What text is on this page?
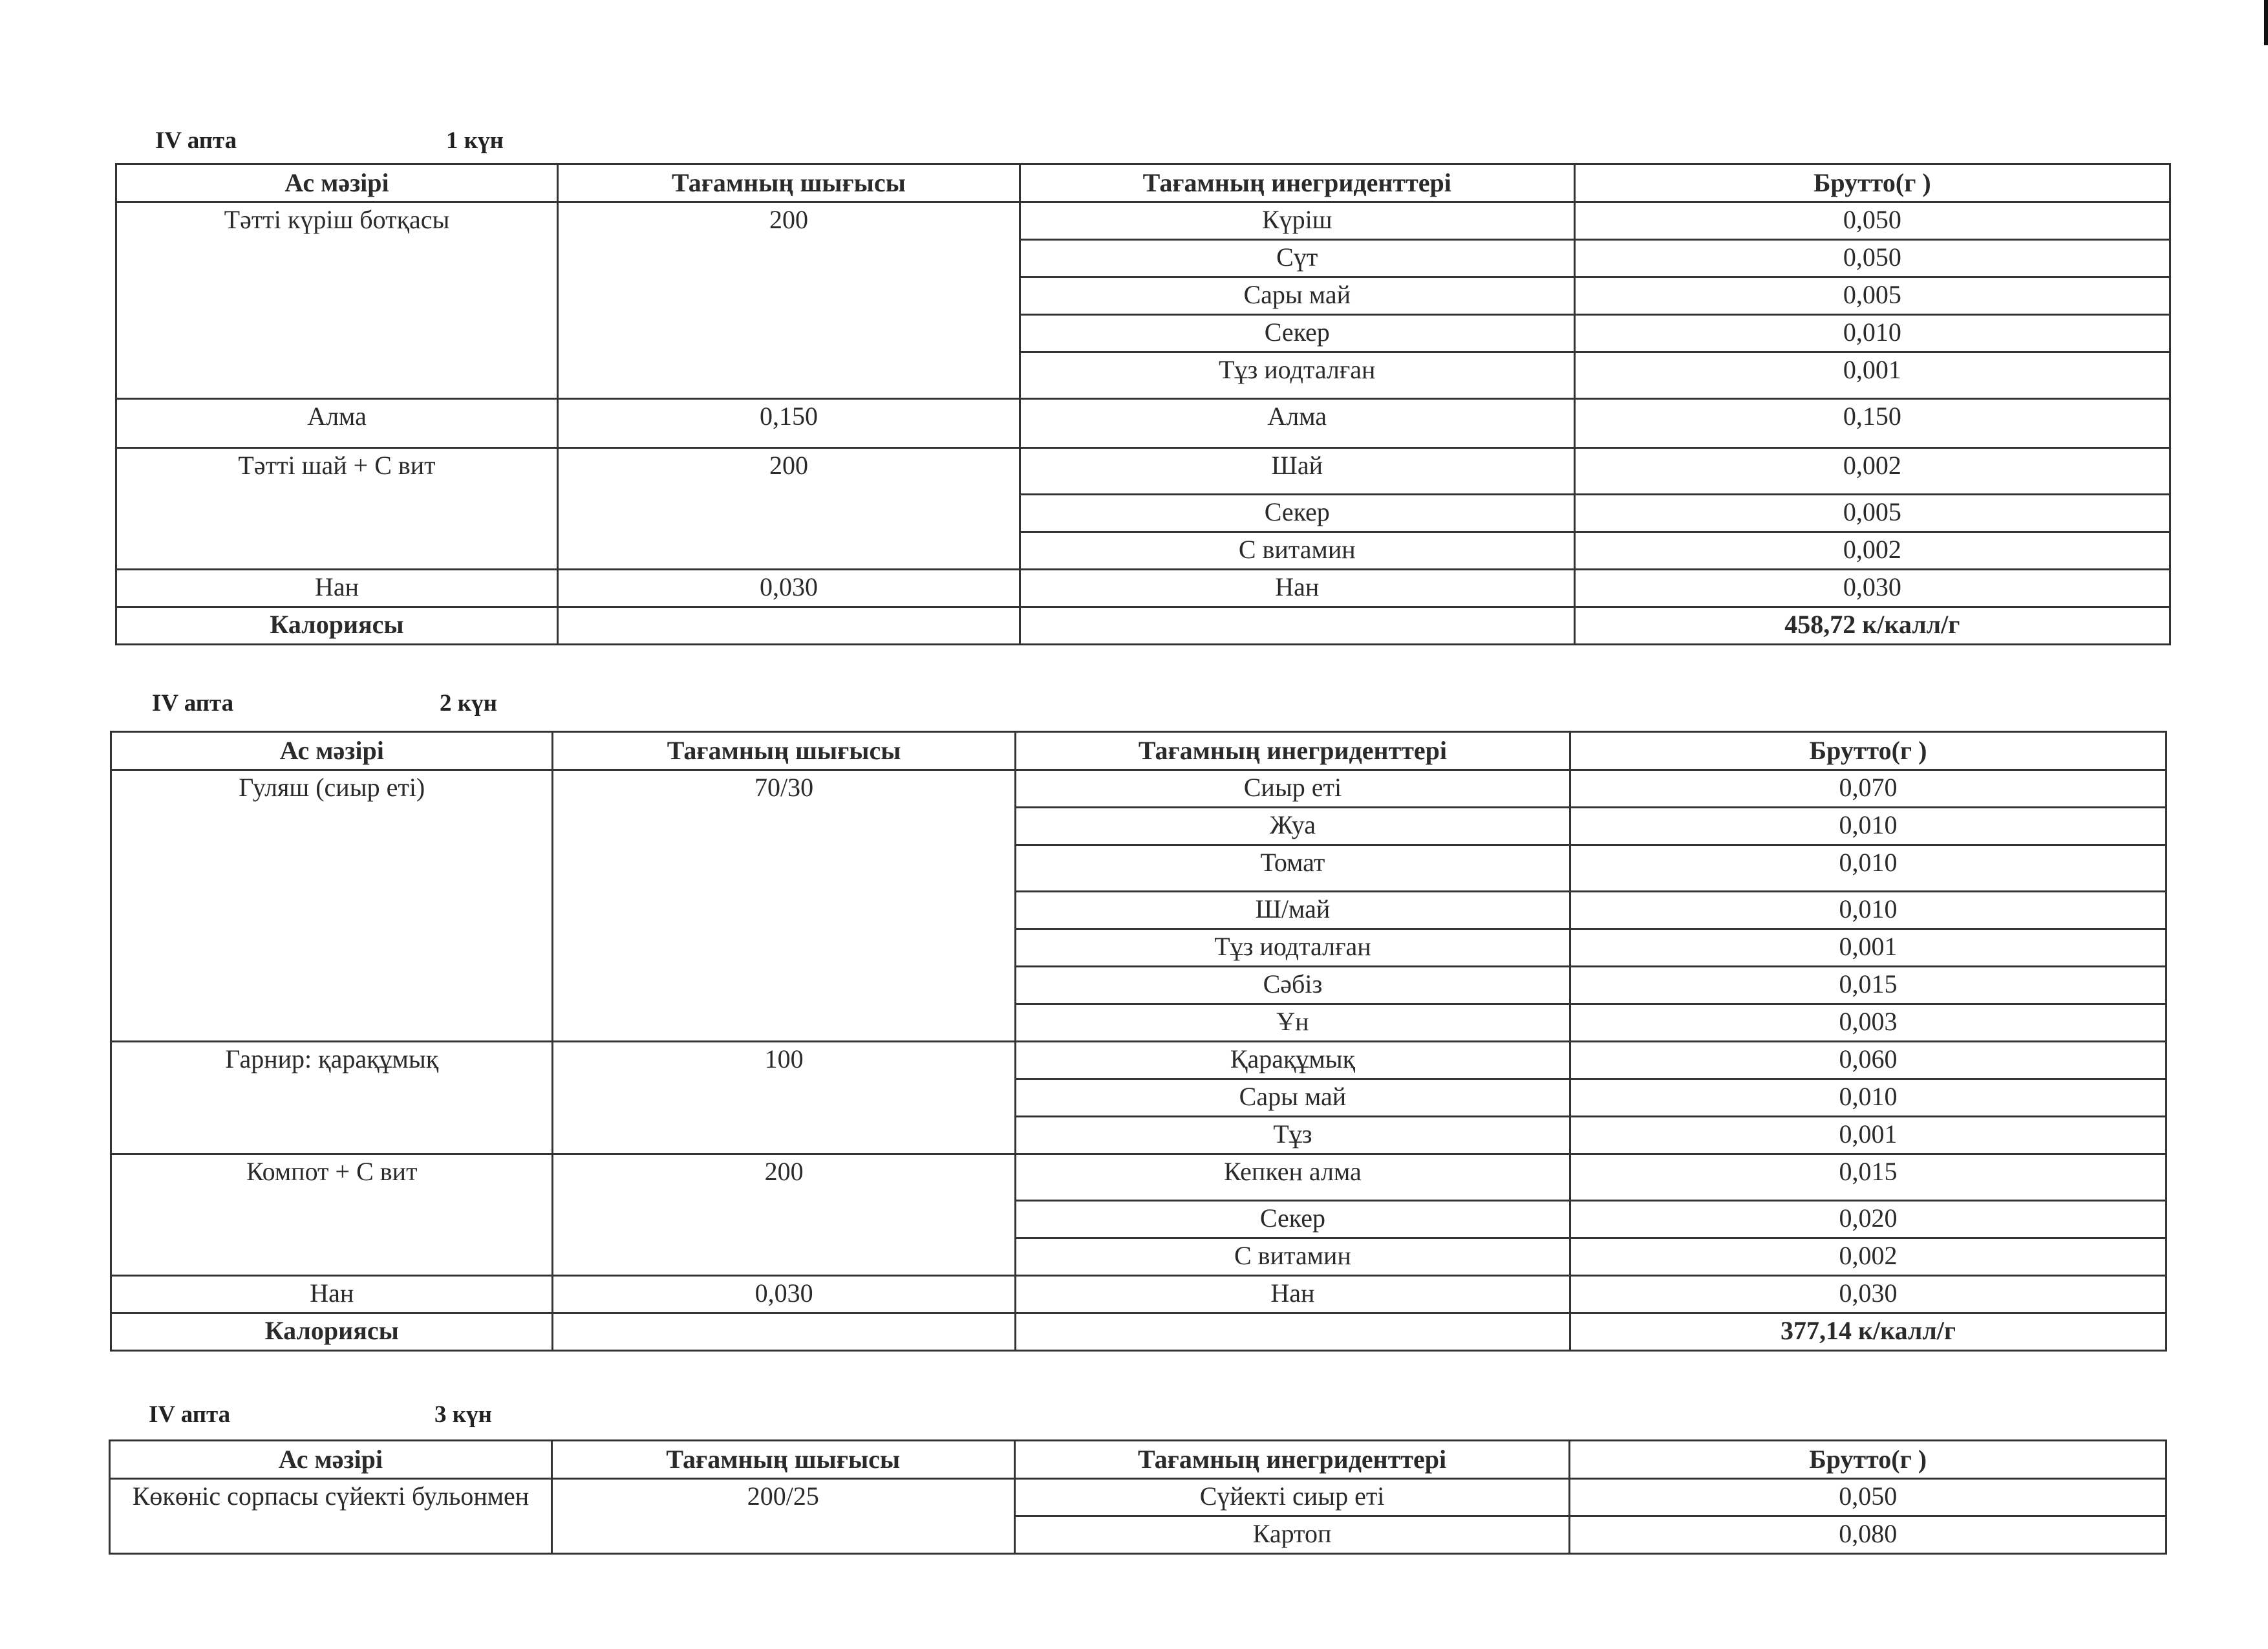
IV апта	1 күн
Ас мәзірі	Тағамның шығысы	Тағамның инегриденттері	Брутто(г )
Тәтті күріш ботқасы	200	Күріш	0,050
		Сүт	0,050
		Сары май	0,005
		Секер	0,010
		Тұз иодталған	0,001
Алма	0,150	Алма	0,150
Тәтті шай + С вит	200	Шай	0,002
		Секер	0,005
		С витамин	0,002
Нан	0,030	Нан	0,030
Калориясы			458,72 к/калл/г
IV апта	2 күн
Ас мәзірі	Тағамның шығысы	Тағамның инегриденттері	Брутто(г )
Гуляш (сиыр еті)	70/30	Сиыр еті	0,070
		Жуа	0,010
		Томат	0,010
		Ш/май	0,010
		Тұз иодталған	0,001
		Сәбіз	0,015
		Ұн	0,003
Гарнир: қарақұмық	100	Қарақұмық	0,060
		Сары май	0,010
		Тұз	0,001
Компот + С вит	200	Кепкен алма	0,015
		Секер	0,020
		С витамин	0,002
Нан	0,030	Нан	0,030
Калориясы			377,14 к/калл/г
IV апта	3 күн
Ас мәзірі	Тағамның шығысы	Тағамның инегриденттері	Брутто(г )
Көкөніс сорпасы сүйекті бульонмен	200/25	Сүйекті сиыр еті	0,050
		Картоп	0,080
